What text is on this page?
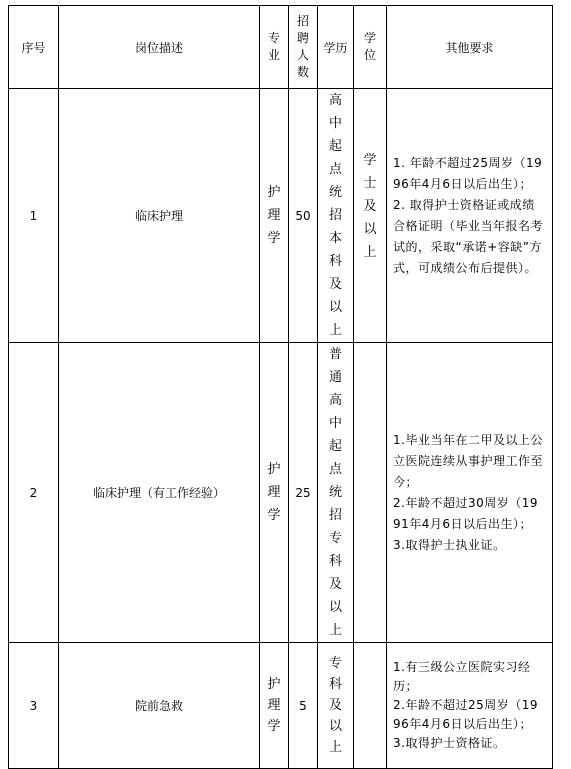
序号	岗位描述	专业	招聘人数	学历	学位	其他要求
1	临床护理	护理学	50	高中起点统招本科及以上	学士及以上	1. 年龄不超过25周岁（1996年4月6日以后出生）；
2. 取得护士资格证或成绩合格证明（毕业当年报名考试的，采取“承诺+容缺”方式，可成绩公布后提供）。

2	临床护理（有工作经验）	护理学	25	普通高中起点统招专科及以上		1.毕业当年在二甲及以上公立医院连续从事护理工作至今；
2.年龄不超过30周岁（1991年4月6日以后出生）；
3.取得护士执业证。

3	院前急救	护理学	5	专科及以上		1.有三级公立医院实习经历；
2.年龄不超过25周岁（1996年4月6日以后出生）；
3.取得护士资格证。
